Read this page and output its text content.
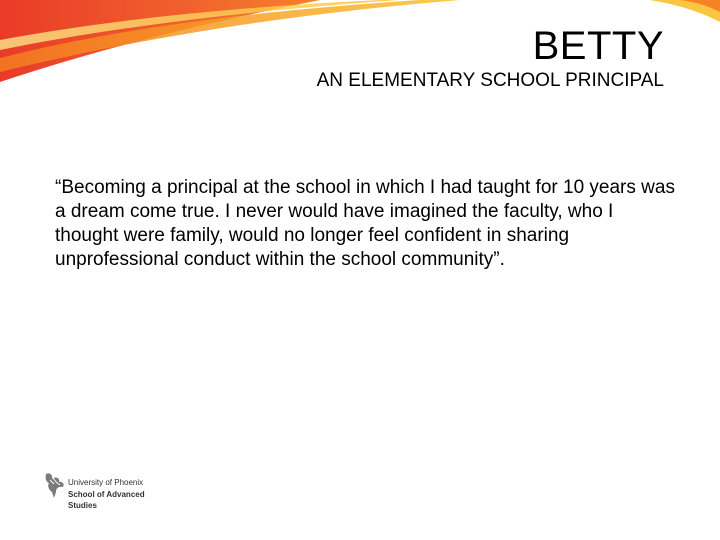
BETTY
AN ELEMENTARY SCHOOL PRINCIPAL

“Becoming a principal at the school in which I had taught for 10 years was a dream come true. I never would have imagined the faculty, who I thought were family, would no longer feel confident in sharing unprofessional conduct within the school community”.

University of Phoenix
School of Advanced
Studies
